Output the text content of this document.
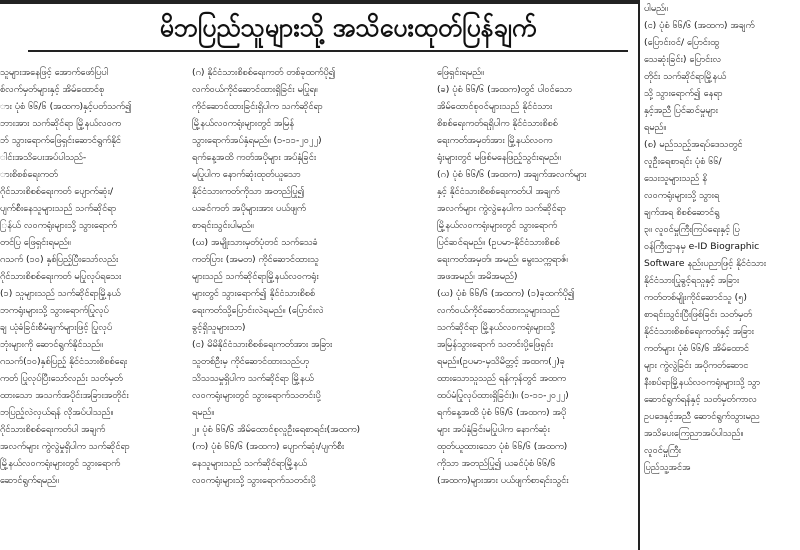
မိဘပြည်သူများသို့ အသိပေးထုတ်ပြန်ချက်

သူများအနေဖြင့် အောက်ဖော်ပြပါ

စ်လက်မှတ်များနှင့် အိမ်ထောင်စု

ား ပုံစံ ၆၆/၆ (အထက)နှင့်ပတ်သက်၍

ဘားအား သက်ဆိုင်ရာ မြို့နယ်လဝက

ဘ် သွားရောက်ဖြေရှင်းဆောင်ရွက်နိုင်

ါင်းအသိပေးအပ်ပါသည်-

ားစိစစ်ရေးကတ်

ဂိုင်သားစိစစ်ရေးကတ် ပျောက်ဆုံး/

ပျက်စီးနေသူများသည် သက်ဆိုင်ရာ

ြန်ယ် လဝကရုံးများသို့ သွားရောက်

တင်ပြ ဖြေရှင်းရမည်။

ဂသက် (၁၀) နှစ်ပြည့်ပြီးသော်လည်း

ဂိုင်သားစိစစ်ရေးကတ် မပြုလုပ်ရသေး

(၁) သူများသည် သက်ဆိုင်ရာမြို့နယ်

ဘကရုံးများသို့ သွားရောက်ပြုလုပ်

ချ ယုံခံခြင်းစီမံချက်များဖြင့် ပြုလုပ်

ဘုံးများကို ဆောင်ရွက်နိုင်သည်။

ဂသက်(၁၀)နှစ်ပြည့် နိုင်ငံသားစိစစ်ရေး

ကတ် ပြုလုပ်ပြီးသော်လည်း သတ်မှတ်

ထားသော အသက်အပိုင်းအခြားအတိုင်း

ဘပြည့်လဲလှယ်ရန် လိုအပ်ပါသည်။

ဂိုင်သားစိစစ်ရေးကတ်ပါ အချက်

အလက်များ ကွဲလွဲမှုရှိပါက သက်ဆိုင်ရာ

မြို့နယ်လဝကရုံးများတွင် သွားရောက်

ဆောင်ရွက်ရမည်။

(ဂ) နိုင်ငံသားစိစစ်ရေးကတ် တစ်ခုထက်ပို၍

လက်ဝယ်ကိုင်ဆောင်ထားရှိခြင်း မပြုရ။

ကိုင်ဆောင်ထားခြင်းရှိပါက သက်ဆိုင်ရာ

မြို့နယ်လဝကရုံးများတွင် အမြန်

သွားရောက်အပ်နှံရမည်။ (၁-၁၁-၂၀၂၂)

ရက်နေ့အထိ ကတ်အပိုများ အပ်နှံခြင်း

မပြုပါက နောက်ဆုံးထုတ်ယူသော

နိုင်ငံသားကတ်ကိုသာ အတည်ပြု၍

ယခင်ကတ် အပိုများအား ပယ်ဖျက်

စာရင်းသွင်းပါမည်။

(ဃ) အမျိုးသားမှတ်ပုံတင် သက်သေခံ

ကတ်ပြား (အမတ) ကိုင်ဆောင်ထားသူ

များသည် သက်ဆိုင်ရာမြို့နယ်လဝကရုံး

များတွင် သွားရောက်၍ နိုင်ငံသားစိစစ်

ရေးကတ်သို့ပြောင်းလဲရမည်။ (ပြောင်းလဲ

ခွင့်ရှိသူများသာ)

(င) မိမိနိုင်ငံသားစိစစ်ရေးကတ်အား အခြား

သူတစ်ဦးမှ ကိုင်ဆောင်ထားသည်ဟု

သိသသမှုရှိပါက သက်ဆိုင်ရာ မြို့နယ်

လဝကရုံးများတွင် သွားရောက်သတင်းပို့

ရမည်။

၂။ ပုံစံ ၆၆/၆ အိမ်ထောင်စုလူဦးရေစာရင်း(အထက)

(က) ပုံစံ ၆၆/၆ (အထက) ပျောက်ဆုံး/ပျက်စီး

နေသူများသည် သက်ဆိုင်ရာမြို့နယ်

လဝကရုံးများသို့ သွားရောက်သတင်းပို့

ဖြေရှင်းရမည်။

(ခ) ပုံစံ ၆၆/၆ (အထက)တွင် ပါဝင်သော

အိမ်ထောင်စုဝင်များသည် နိုင်ငံသား

စိစစ်ရေးကတ်ရရှိပါက နိုင်ငံသားစိစစ်

ရေးကတ်အမှတ်အား မြို့နယ်လဝက

ရုံးများတွင် မဖြစ်မနေဖြည့်သွင်းရမည်။

(ဂ) ပုံစံ ၆၆/၆ (အထက) အချက်အလက်များ

နှင့် နိုင်ငံသားစိစစ်ရေးကတ်ပါ အချက်

အလက်များ ကွဲလွဲနေပါက သက်ဆိုင်ရာ

မြို့နယ်လဝကရုံးများတွင် သွားရောက်

ပြင်ဆင်ရမည်။ (ဥပမာ-နိုင်ငံသားစိစစ်

ရေးကတ်အမှတ်၊ အမည်၊ မွေးသက္ကရာဇ်၊

အဖအမည်၊ အမိအမည်)

(ဃ) ပုံစံ ၆၆/၆ (အထက) (၁)ခုထက်ပို၍

လက်ဝယ်ကိုင်ဆောင်ထားသူများသည်

သက်ဆိုင်ရာ မြို့နယ်လဝကရုံးများသို့

အမြန်သွားရောက် သတင်းပို့ဖြေရှင်း

ရမည်။(ဥပမာ-မှသိမိတ္တင့် အထက(၂)ခု

ထားသောသူသည် ရန်ကုန်တွင် အထက

ထပ်မံပြုလုပ်ထားရှိခြင်း)။ (၁-၁၁-၂၀၂၂)

ရက်နေ့အထိ ပုံစံ ၆၆/၆ (အထက) အပို

များ အပ်နှံခြင်းမပြုပါက နောက်ဆုံး

ထုတ်ယူထားသော ပုံစံ ၆၆/၆ (အထက)

ကိုသာ အတည်ပြု၍ ယခင်ပုံစံ ၆၆/၆

(အထက)များအား ပယ်ဖျက်စာရင်းသွင်း

ပါမည်။

(င) ပုံစံ ၆၆/၆ (အထက) အချက်

(ပြောင်းဝင်/ ပြောင်းထွ

သေဆုံးခြင်း) ပြောင်းလ

တိုင်း သက်ဆိုင်ရာမြို့နယ်

သို့ သွားရောက်၍ နေရာ

နှင့်အညီ ပြင်ဆင်မှုများ

ရမည်။

(စ) မည်သည့်အရပ်ဒေသတွင်

လူဦးရေစာရင်း ပုံစံ ၆၆/

သေးသူများသည် နိ

လဝကရုံးများသို့ သွားရ

ချက်အရ စိစစ်ဆောင်ရွ

၃။ လူဝင်မှုကြီးကြပ်ရေးနှင့် ပြ

ဝန်ကြီးဌာနမှ e-ID Biographic

Software နည်းပညာဖြင့် နိုင်ငံသား

နိုင်ငံသားပြုခွင့်ရသူနှင့် အခြား

ကတ်တစ်မျိုးကိုင်ဆောင်သူ (၅)

စာရင်းသွင်းပြီးဖြစ်ခြင်း သတ်မှတ်

နိုင်ငံသားစိစစ်ရေးကတ်နှင့် အခြား

ကတ်များ ပုံစံ ၆၆/၆ အိမ်ထောင်

များ ကွဲလွဲခြင်း အပိုကတ်ဆောင

နီးစပ်ရာမြို့နယ်လဝကရုံးများသို့ သွာ

ဆောင်ရွက်ရန်နှင့် သတ်မှတ်ကာလ

ဥပဒေနှင့်အညီ ဆောင်ရွက်သွားမည

အသိပေးကြေညာအပ်ပါသည်။

လူဝင်မှုကြီး

ပြည်သူ့အင်အ
